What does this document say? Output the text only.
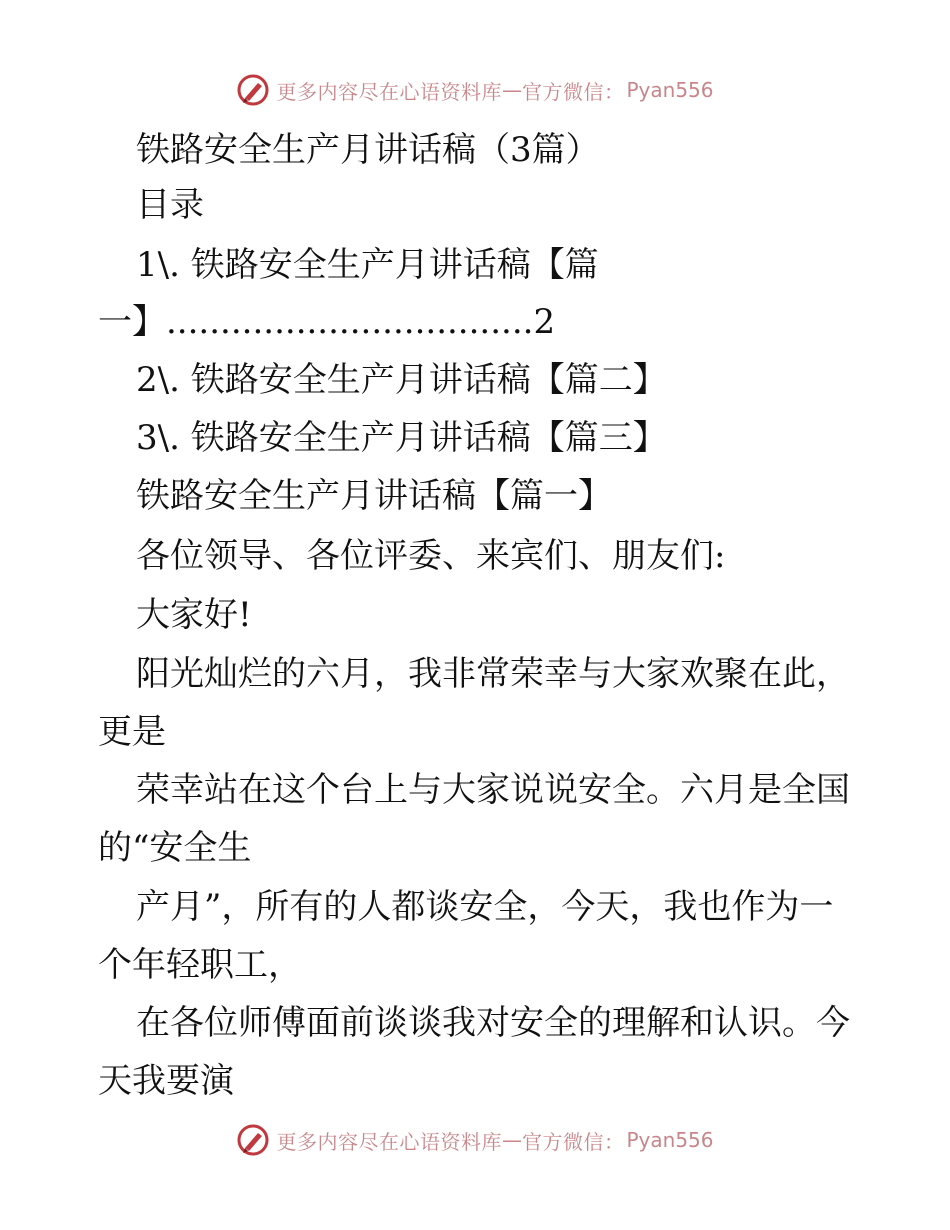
更多内容尽在心语资料库 — 官方微信： Pyan556
铁路安全生产月讲话稿（3篇）
目录
1\. 铁路安全生产月讲话稿【篇
一】..................................2
2\. 铁路安全生产月讲话稿【篇二】
3\. 铁路安全生产月讲话稿【篇三】
铁路安全生产月讲话稿【篇一】
各位领导、各位评委、来宾们、朋友们:
大家好!
阳光灿烂的六月，我非常荣幸与大家欢聚在此，
更是
荣幸站在这个台上与大家说说安全。六月是全国
的“安全生
产月”，所有的人都谈安全，今天，我也作为一
个年轻职工，
在各位师傅面前谈谈我对安全的理解和认识。今
天我要演
更多内容尽在心语资料库 — 官方微信： Pyan556
